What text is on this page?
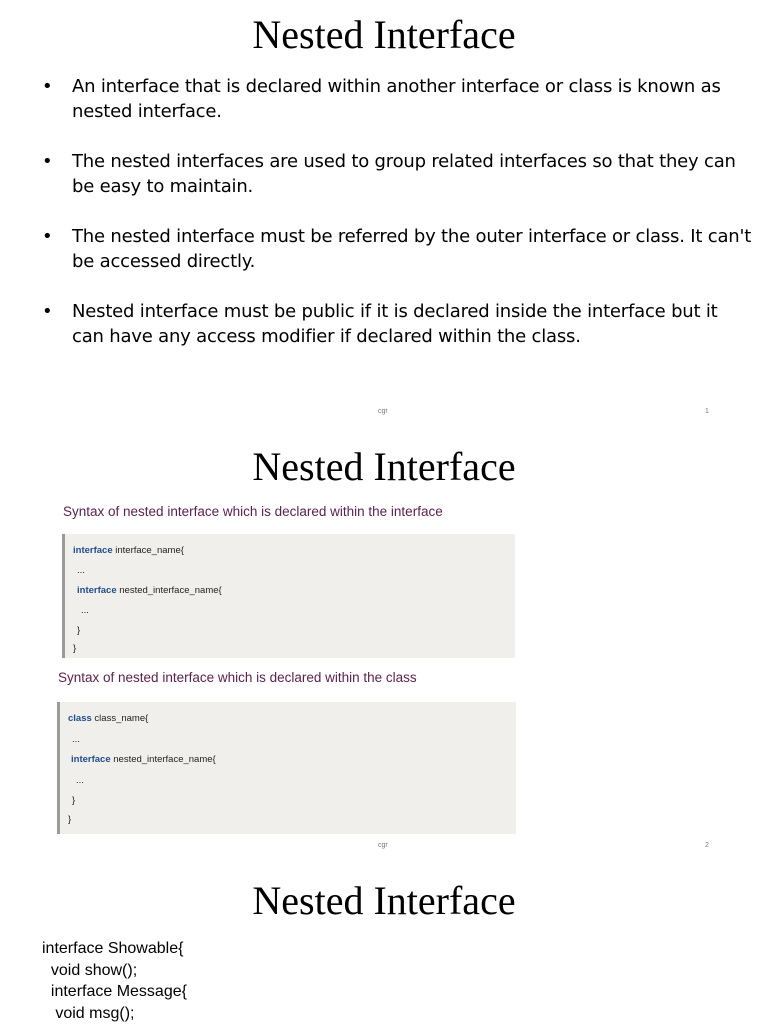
Nested Interface
• An interface that is declared within another interface or class is known as nested interface.
• The nested interfaces are used to group related interfaces so that they can be easy to maintain.
• The nested interface must be referred by the outer interface or class. It can't be accessed directly.
• Nested interface must be public if it is declared inside the interface but it can have any access modifier if declared within the class.
cgr	1
Nested Interface
Syntax of nested interface which is declared within the interface
interface interface_name{
...
interface nested_interface_name{
...
}
}
Syntax of nested interface which is declared within the class
class class_name{
...
interface nested_interface_name{
...
}
}
cgr	2
Nested Interface
interface Showable{
void show();
interface Message{
void msg();
